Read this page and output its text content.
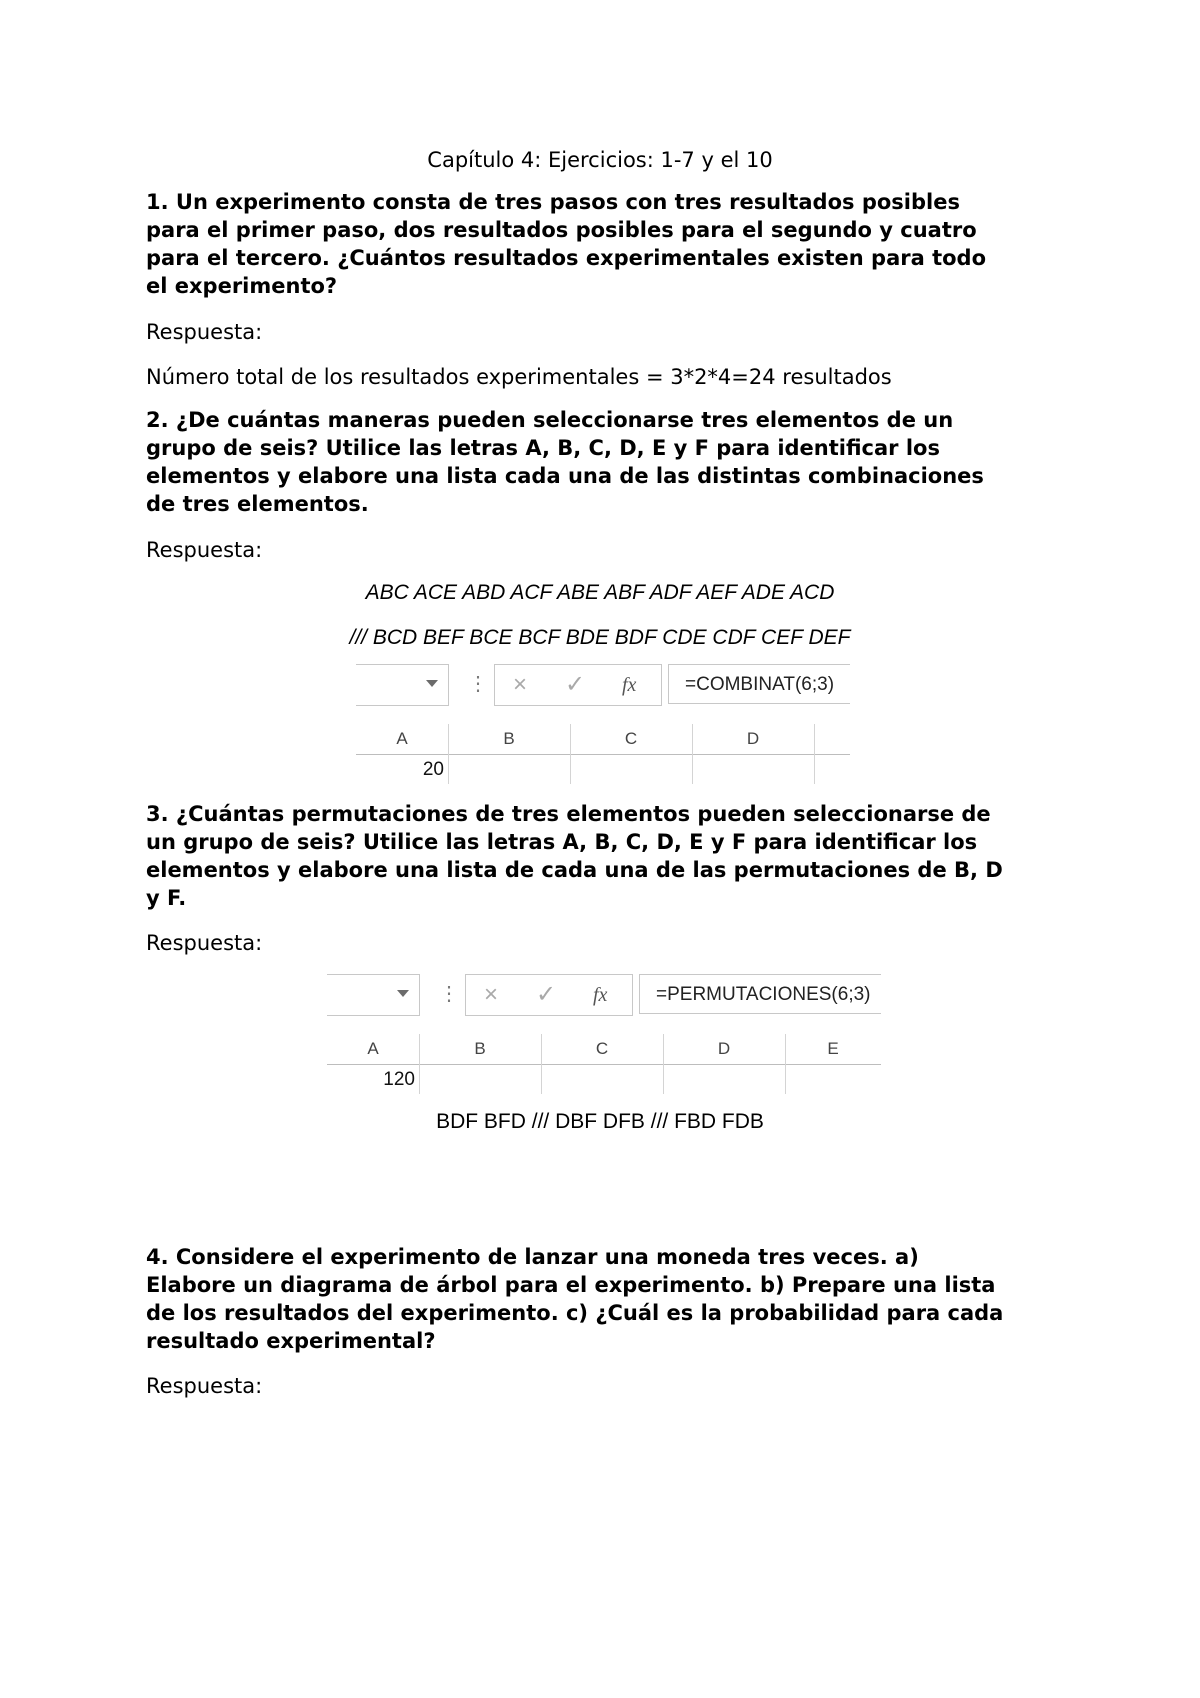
Capítulo 4: Ejercicios: 1-7 y el 10
1. Un experimento consta de tres pasos con tres resultados posibles
para el primer paso, dos resultados posibles para el segundo y cuatro
para el tercero. ¿Cuántos resultados experimentales existen para todo
el experimento?
Respuesta:
Número total de los resultados experimentales = 3*2*4=24 resultados
2. ¿De cuántas maneras pueden seleccionarse tres elementos de un
grupo de seis? Utilice las letras A, B, C, D, E y F para identificar los
elementos y elabore una lista cada una de las distintas combinaciones
de tres elementos.
Respuesta:
ABC ACE ABD ACF ABE ABF ADF AEF ADE ACD
/// BCD BEF BCE BCF BDE BDF CDE CDF CEF DEF
⋮ × ✓ fx	=COMBINAT(6;3)
A	B	C	D
20
3. ¿Cuántas permutaciones de tres elementos pueden seleccionarse de
un grupo de seis? Utilice las letras A, B, C, D, E y F para identificar los
elementos y elabore una lista de cada una de las permutaciones de B, D
y F.
Respuesta:
⋮ × ✓ fx	=PERMUTACIONES(6;3)
A	B	C	D	E
120
BDF BFD /// DBF DFB /// FBD FDB
4. Considere el experimento de lanzar una moneda tres veces. a)
Elabore un diagrama de árbol para el experimento. b) Prepare una lista
de los resultados del experimento. c) ¿Cuál es la probabilidad para cada
resultado experimental?
Respuesta:
